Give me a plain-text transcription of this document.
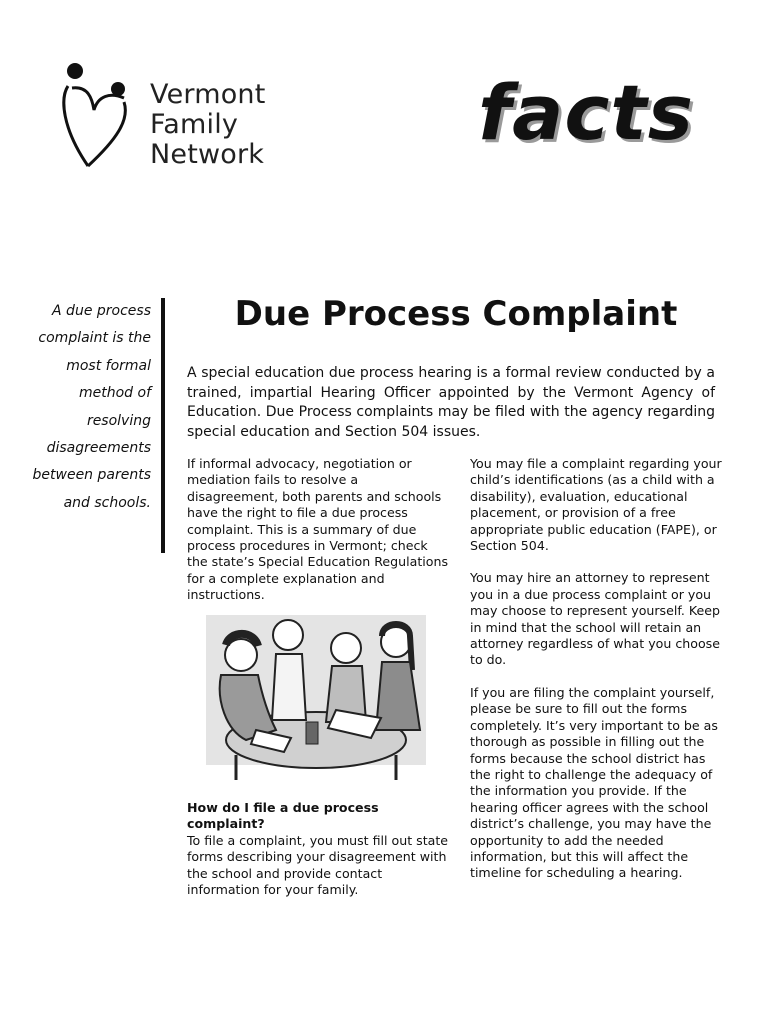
Vermont
Family
Network	facts
A due process complaint is the most formal method of resolving disagreements between parents and schools.
Due Process Complaint
A special education due process hearing is a formal review conducted by a trained, impartial Hearing Officer appointed by the Vermont Agency of Education. Due Process complaints may be filed with the agency regarding special education and Section 504 issues.

If informal advocacy, negotiation or mediation fails to resolve a disagreement, both parents and schools have the right to file a due process complaint. This is a summary of due process procedures in Vermont; check the state’s Special Education Regulations for a complete explanation and instructions.

How do I file a due process complaint?
To file a complaint, you must fill out state forms describing your disagreement with the school and provide contact information for your family.

You may file a complaint regarding your child’s identifications (as a child with a disability), evaluation, educational placement, or provision of a free appropriate public education (FAPE), or Section 504.

You may hire an attorney to represent you in a due process complaint or you may choose to represent yourself. Keep in mind that the school will retain an attorney regardless of what you choose to do.

If you are filing the complaint yourself, please be sure to fill out the forms completely. It’s very important to be as thorough as possible in filling out the forms because the school district has the right to challenge the adequacy of the information you provide. If the hearing officer agrees with the school district’s challenge, you may have the opportunity to add the needed information, but this will affect the timeline for scheduling a hearing.
